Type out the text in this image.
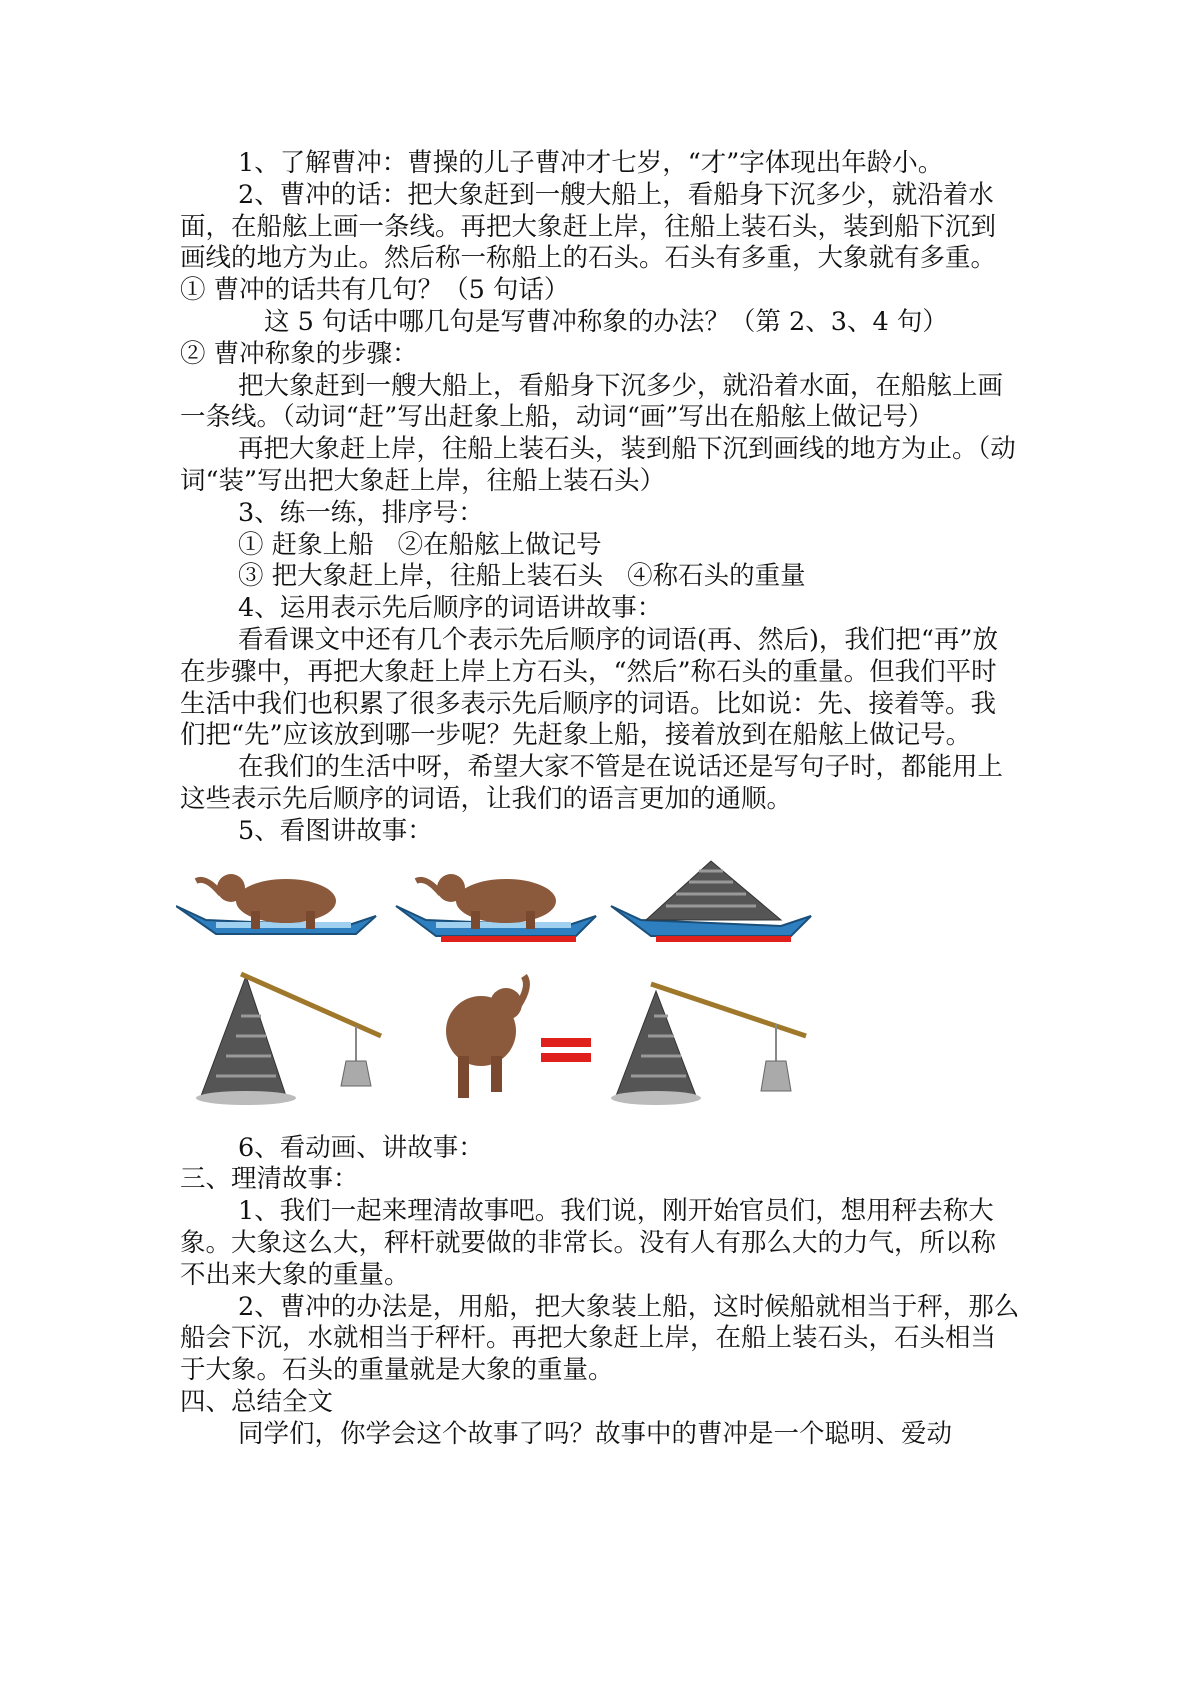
1、了解曹冲：曹操的儿子曹冲才七岁，“才”字体现出年龄小。

2、曹冲的话：把大象赶到一艘大船上，看船身下沉多少，就沿着水面，在船舷上画一条线。再把大象赶上岸，往船上装石头，装到船下沉到画线的地方为止。然后称一称船上的石头。石头有多重，大象就有多重。

① 曹冲的话共有几句？（5 句话）

这 5 句话中哪几句是写曹冲称象的办法？（第 2、3、4 句）

② 曹冲称象的步骤：

把大象赶到一艘大船上，看船身下沉多少，就沿着水面，在船舷上画一条线。（动词“赶”写出赶象上船，动词“画”写出在船舷上做记号）

再把大象赶上岸，往船上装石头，装到船下沉到画线的地方为止。（动词“装”写出把大象赶上岸，往船上装石头）

3、练一练，排序号：

① 赶象上船 ②在船舷上做记号

③ 把大象赶上岸，往船上装石头 ④称石头的重量

4、运用表示先后顺序的词语讲故事：

看看课文中还有几个表示先后顺序的词语(再、然后)，我们把“再”放在步骤中，再把大象赶上岸上方石头，“然后”称石头的重量。但我们平时生活中我们也积累了很多表示先后顺序的词语。比如说：先、接着等。我们把“先”应该放到哪一步呢？先赶象上船，接着放到在船舷上做记号。

在我们的生活中呀，希望大家不管是在说话还是写句子时，都能用上这些表示先后顺序的词语，让我们的语言更加的通顺。

5、看图讲故事：

6、看动画、讲故事：

三、理清故事：

1、我们一起来理清故事吧。我们说，刚开始官员们，想用秤去称大象。大象这么大，秤杆就要做的非常长。没有人有那么大的力气，所以称不出来大象的重量。

2、曹冲的办法是，用船，把大象装上船，这时候船就相当于秤，那么船会下沉，水就相当于秤杆。再把大象赶上岸，在船上装石头，石头相当于大象。石头的重量就是大象的重量。

四、总结全文

同学们，你学会这个故事了吗？故事中的曹冲是一个聪明、爱动
